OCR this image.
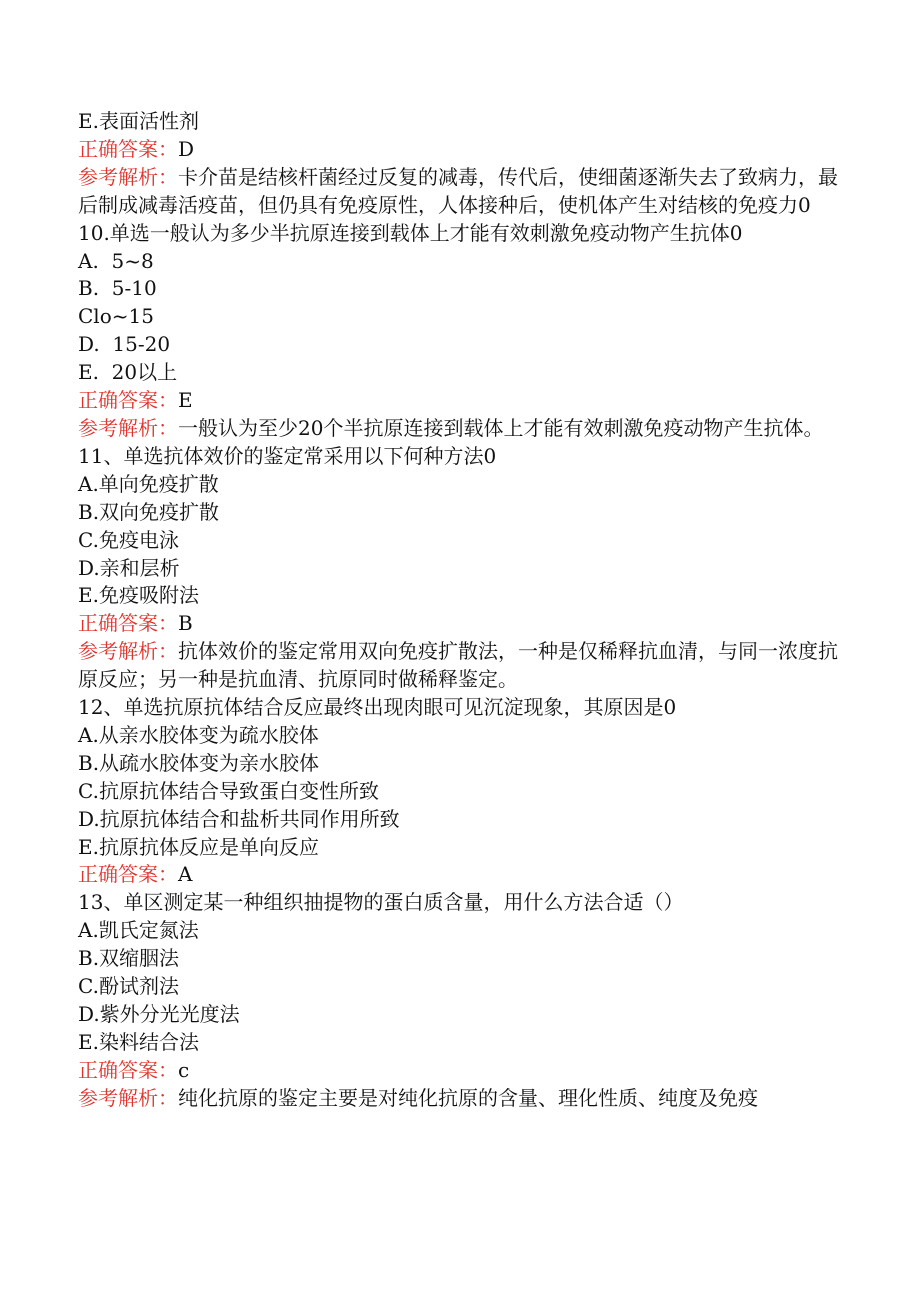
E.表面活性剂
正确答案：D
参考解析：卡介苗是结核杆菌经过反复的减毒，传代后，使细菌逐渐失去了致病力，最后制成减毒活疫苗，但仍具有免疫原性，人体接种后，使机体产生对结核的免疫力0
10.单选一般认为多少半抗原连接到载体上才能有效刺激免疫动物产生抗体0
A.  5~8
B.  5-10
Clo~15
D.  15-20
E.  20以上
正确答案：E
参考解析：一般认为至少20个半抗原连接到载体上才能有效刺激免疫动物产生抗体。
11、单选抗体效价的鉴定常采用以下何种方法0
A.单向免疫扩散
B.双向免疫扩散
C.免疫电泳
D.亲和层析
E.免疫吸附法
正确答案：B
参考解析：抗体效价的鉴定常用双向免疫扩散法，一种是仅稀释抗血清，与同一浓度抗原反应；另一种是抗血清、抗原同时做稀释鉴定。
12、单选抗原抗体结合反应最终出现肉眼可见沉淀现象，其原因是0
A.从亲水胶体变为疏水胶体
B.从疏水胶体变为亲水胶体
C.抗原抗体结合导致蛋白变性所致
D.抗原抗体结合和盐析共同作用所致
E.抗原抗体反应是单向反应
正确答案：A
13、单区测定某一种组织抽提物的蛋白质含量，用什么方法合适（）
A.凯氏定氮法
B.双缩胭法
C.酚试剂法
D.紫外分光光度法
E.染料结合法
正确答案：c
参考解析：纯化抗原的鉴定主要是对纯化抗原的含量、理化性质、纯度及免疫
